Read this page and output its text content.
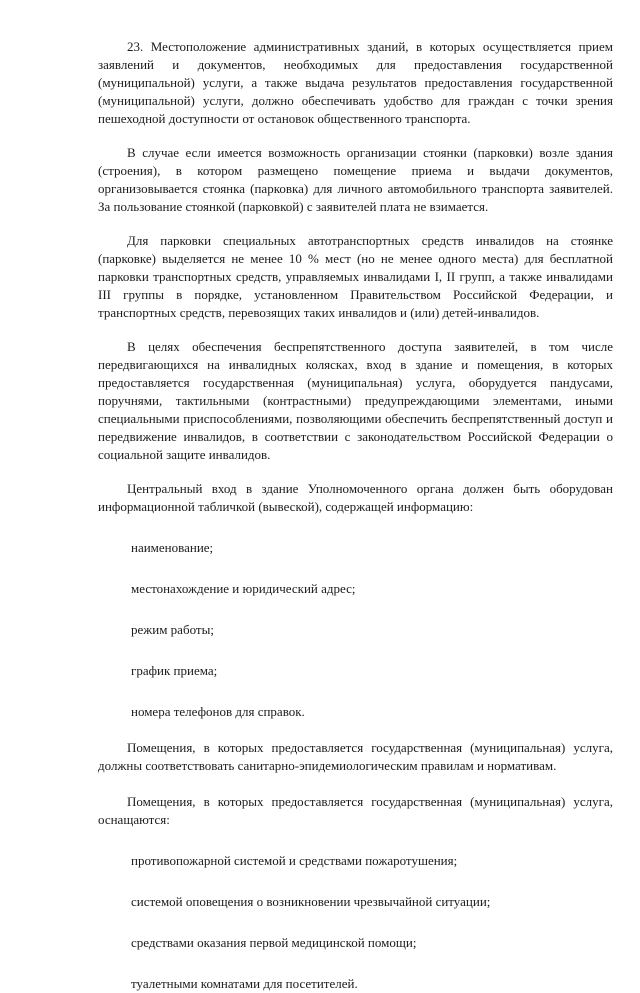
23. Местоположение административных зданий, в которых осуществляется прием заявлений и документов, необходимых для предоставления государственной (муниципальной) услуги, а также выдача результатов предоставления государственной (муниципальной) услуги, должно обеспечивать удобство для граждан с точки зрения пешеходной доступности от остановок общественного транспорта.

В случае если имеется возможность организации стоянки (парковки) возле здания (строения), в котором размещено помещение приема и выдачи документов, организовывается стоянка (парковка) для личного автомобильного транспорта заявителей. За пользование стоянкой (парковкой) с заявителей плата не взимается.

Для парковки специальных автотранспортных средств инвалидов на стоянке (парковке) выделяется не менее 10 % мест (но не менее одного места) для бесплатной парковки транспортных средств, управляемых инвалидами I, II групп, а также инвалидами III группы в порядке, установленном Правительством Российской Федерации, и транспортных средств, перевозящих таких инвалидов и (или) детей-инвалидов.

В целях обеспечения беспрепятственного доступа заявителей, в том числе передвигающихся на инвалидных колясках, вход в здание и помещения, в которых предоставляется государственная (муниципальная) услуга, оборудуется пандусами, поручнями, тактильными (контрастными) предупреждающими элементами, иными специальными приспособлениями, позволяющими обеспечить беспрепятственный доступ и передвижение инвалидов, в соответствии с законодательством Российской Федерации о социальной защите инвалидов.

Центральный вход в здание Уполномоченного органа должен быть оборудован информационной табличкой (вывеской), содержащей информацию:

наименование;

местонахождение и юридический адрес;

режим работы;

график приема;

номера телефонов для справок.

Помещения, в которых предоставляется государственная (муниципальная) услуга, должны соответствовать санитарно-эпидемиологическим правилам и нормативам.

Помещения, в которых предоставляется государственная (муниципальная) услуга, оснащаются:

противопожарной системой и средствами пожаротушения;

системой оповещения о возникновении чрезвычайной ситуации;

средствами оказания первой медицинской помощи;

туалетными комнатами для посетителей.
